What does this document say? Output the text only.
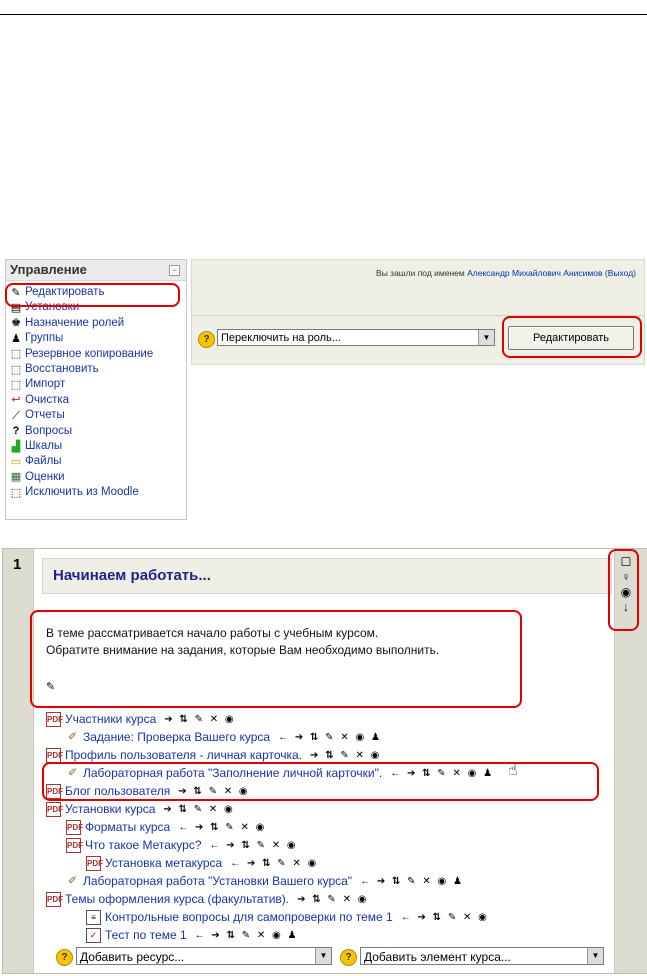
Управление	−
✎ Редактировать
▤ Установки
♚ Назначение ролей
♟ Группы
⬚ Резервное копирование
⬚ Восстановить
⬚ Импорт
↩ Очистка
⟋ Отчеты
? Вопросы
▟ Шкалы
▭ Файлы
▦ Оценки
⬚ Исключить из Moodle
Вы зашли под именем Александр Михайлович Анисимов (Выход)
?	Переключить на роль...	▼	Редактировать
1
Начинаем работать...
В теме рассматривается начало работы с учебным курсом.
Обратите внимание на задания, которые Вам необходимо выполнить.
✎
PDF Участники курса ➔ ⇅ ✎ ✕ ◉
✐ Задание: Проверка Вашего курса ← ➔ ⇅ ✎ ✕ ◉ ♟
PDF Профиль пользователя - личная карточка. ➔ ⇅ ✎ ✕ ◉
✐ Лабораторная работа "Заполнение личной карточки". ← ➔ ⇅ ✎ ✕ ◉ ♟
PDF Блог пользователя ➔ ⇅ ✎ ✕ ◉
PDF Установки курса ➔ ⇅ ✎ ✕ ◉
PDF Форматы курса ← ➔ ⇅ ✎ ✕ ◉
PDF Что такое Метакурс? ← ➔ ⇅ ✎ ✕ ◉
PDF Установка метакурса ← ➔ ⇅ ✎ ✕ ◉
✐ Лабораторная работа "Установки Вашего курса" ← ➔ ⇅ ✎ ✕ ◉ ♟
PDF Темы оформления курса (факультатив). ➔ ⇅ ✎ ✕ ◉
≡ Контрольные вопросы для самопроверки по теме 1 ← ➔ ⇅ ✎ ✕ ◉
✓ Тест по теме 1 ← ➔ ⇅ ✎ ✕ ◉ ♟
?	Добавить ресурс...	▼	?	Добавить элемент курса...	▼
☐
♀
◉
↓
☝
